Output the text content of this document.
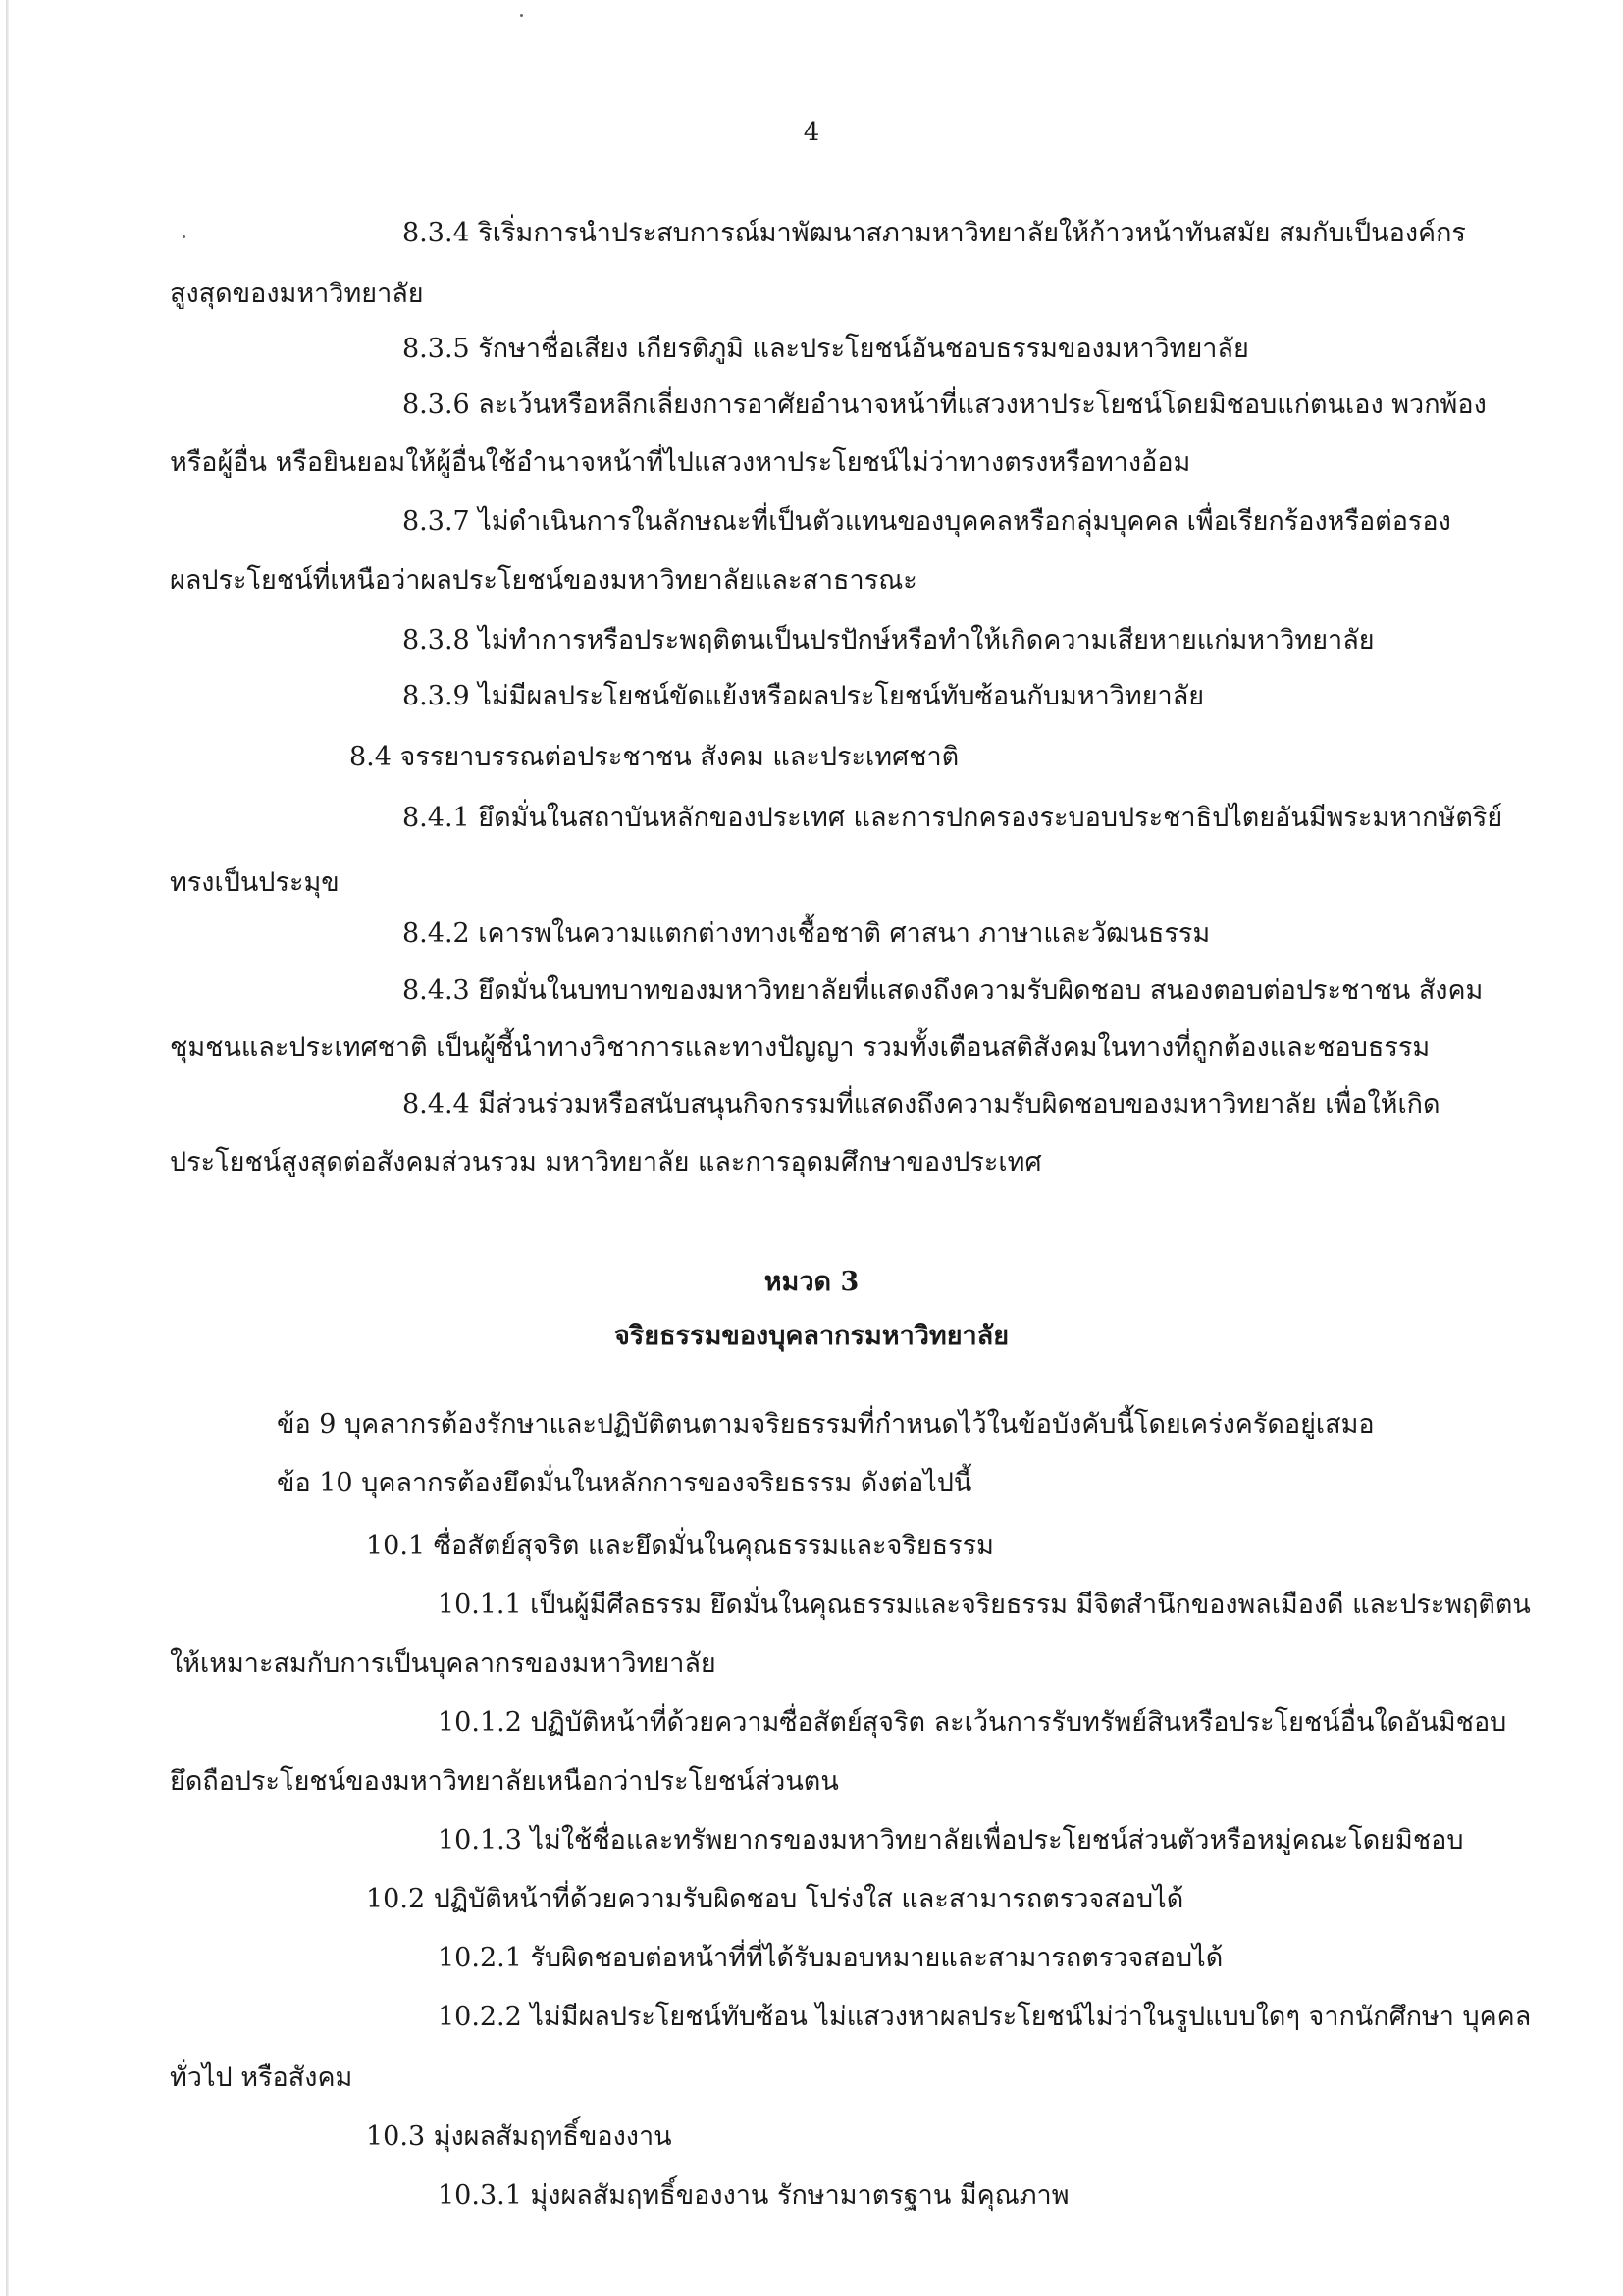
4
8.3.4 ริเริ่มการนำประสบการณ์มาพัฒนาสภามหาวิทยาลัยให้ก้าวหน้าทันสมัย สมกับเป็นองค์กร
สูงสุดของมหาวิทยาลัย
8.3.5 รักษาชื่อเสียง เกียรติภูมิ และประโยชน์อันชอบธรรมของมหาวิทยาลัย
8.3.6 ละเว้นหรือหลีกเลี่ยงการอาศัยอำนาจหน้าที่แสวงหาประโยชน์โดยมิชอบแก่ตนเอง พวกพ้อง
หรือผู้อื่น หรือยินยอมให้ผู้อื่นใช้อำนาจหน้าที่ไปแสวงหาประโยชน์ไม่ว่าทางตรงหรือทางอ้อม
8.3.7 ไม่ดำเนินการในลักษณะที่เป็นตัวแทนของบุคคลหรือกลุ่มบุคคล เพื่อเรียกร้องหรือต่อรอง
ผลประโยชน์ที่เหนือว่าผลประโยชน์ของมหาวิทยาลัยและสาธารณะ
8.3.8 ไม่ทำการหรือประพฤติตนเป็นปรปักษ์หรือทำให้เกิดความเสียหายแก่มหาวิทยาลัย
8.3.9 ไม่มีผลประโยชน์ขัดแย้งหรือผลประโยชน์ทับซ้อนกับมหาวิทยาลัย
8.4 จรรยาบรรณต่อประชาชน สังคม และประเทศชาติ
8.4.1 ยึดมั่นในสถาบันหลักของประเทศ และการปกครองระบอบประชาธิปไตยอันมีพระมหากษัตริย์
ทรงเป็นประมุข
8.4.2 เคารพในความแตกต่างทางเชื้อชาติ ศาสนา ภาษาและวัฒนธรรม
8.4.3 ยึดมั่นในบทบาทของมหาวิทยาลัยที่แสดงถึงความรับผิดชอบ สนองตอบต่อประชาชน สังคม
ชุมชนและประเทศชาติ เป็นผู้ชี้นำทางวิชาการและทางปัญญา รวมทั้งเตือนสติสังคมในทางที่ถูกต้องและชอบธรรม
8.4.4 มีส่วนร่วมหรือสนับสนุนกิจกรรมที่แสดงถึงความรับผิดชอบของมหาวิทยาลัย เพื่อให้เกิด
ประโยชน์สูงสุดต่อสังคมส่วนรวม มหาวิทยาลัย และการอุดมศึกษาของประเทศ
หมวด 3
จริยธรรมของบุคลากรมหาวิทยาลัย
ข้อ 9 บุคลากรต้องรักษาและปฏิบัติตนตามจริยธรรมที่กำหนดไว้ในข้อบังคับนี้โดยเคร่งครัดอยู่เสมอ
ข้อ 10 บุคลากรต้องยึดมั่นในหลักการของจริยธรรม ดังต่อไปนี้
10.1 ซื่อสัตย์สุจริต และยึดมั่นในคุณธรรมและจริยธรรม
10.1.1 เป็นผู้มีศีลธรรม ยึดมั่นในคุณธรรมและจริยธรรม มีจิตสำนึกของพลเมืองดี และประพฤติตน
ให้เหมาะสมกับการเป็นบุคลากรของมหาวิทยาลัย
10.1.2 ปฏิบัติหน้าที่ด้วยความซื่อสัตย์สุจริต ละเว้นการรับทรัพย์สินหรือประโยชน์อื่นใดอันมิชอบ
ยึดถือประโยชน์ของมหาวิทยาลัยเหนือกว่าประโยชน์ส่วนตน
10.1.3 ไม่ใช้ชื่อและทรัพยากรของมหาวิทยาลัยเพื่อประโยชน์ส่วนตัวหรือหมู่คณะโดยมิชอบ
10.2 ปฏิบัติหน้าที่ด้วยความรับผิดชอบ โปร่งใส และสามารถตรวจสอบได้
10.2.1 รับผิดชอบต่อหน้าที่ที่ได้รับมอบหมายและสามารถตรวจสอบได้
10.2.2 ไม่มีผลประโยชน์ทับซ้อน ไม่แสวงหาผลประโยชน์ไม่ว่าในรูปแบบใดๆ จากนักศึกษา บุคคล
ทั่วไป หรือสังคม
10.3 มุ่งผลสัมฤทธิ์ของงาน
10.3.1 มุ่งผลสัมฤทธิ์ของงาน รักษามาตรฐาน มีคุณภาพ
